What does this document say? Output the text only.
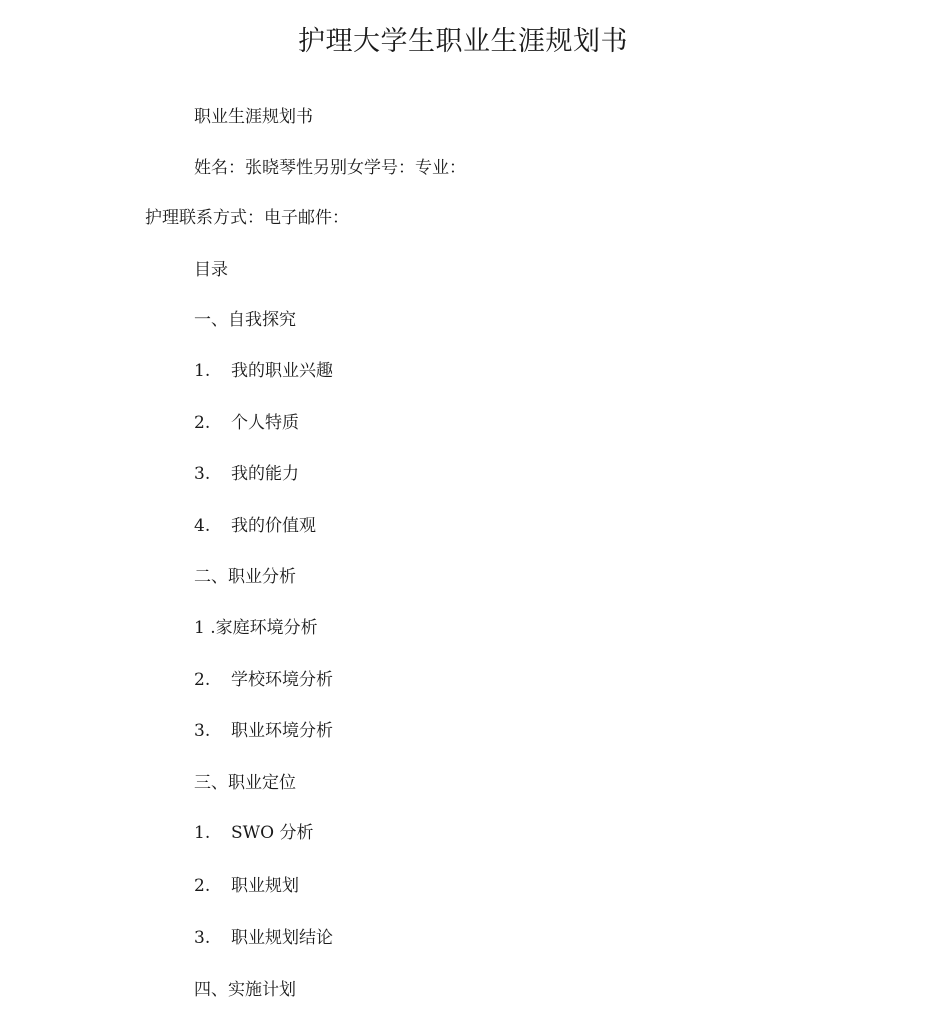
护理大学生职业生涯规划书
职业生涯规划书
姓名：张晓琴性另别女学号：专业：
护理联系方式：电子邮件：
目录
一、自我探究
1. 我的职业兴趣
2. 个人特质
3. 我的能力
4. 我的价值观
二、职业分析
1 .家庭环境分析
2. 学校环境分析
3. 职业环境分析
三、职业定位
1. SWO 分析
2. 职业规划
3. 职业规划结论
四、实施计划
